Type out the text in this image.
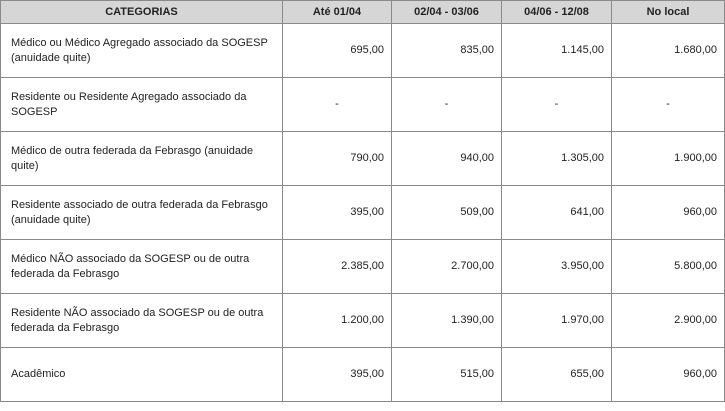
CATEGORIAS	Até 01/04	02/04 - 03/06	04/06 - 12/08	No local
Médico ou Médico Agregado associado da SOGESP (anuidade quite)	695,00	835,00	1.145,00	1.680,00
Residente ou Residente Agregado associado da SOGESP	-	-	-	-
Médico de outra federada da Febrasgo (anuidade quite)	790,00	940,00	1.305,00	1.900,00
Residente associado de outra federada da Febrasgo (anuidade quite)	395,00	509,00	641,00	960,00
Médico NÃO associado da SOGESP ou de outra federada da Febrasgo	2.385,00	2.700,00	3.950,00	5.800,00
Residente NÃO associado da SOGESP ou de outra federada da Febrasgo	1.200,00	1.390,00	1.970,00	2.900,00
Acadêmico	395,00	515,00	655,00	960,00
